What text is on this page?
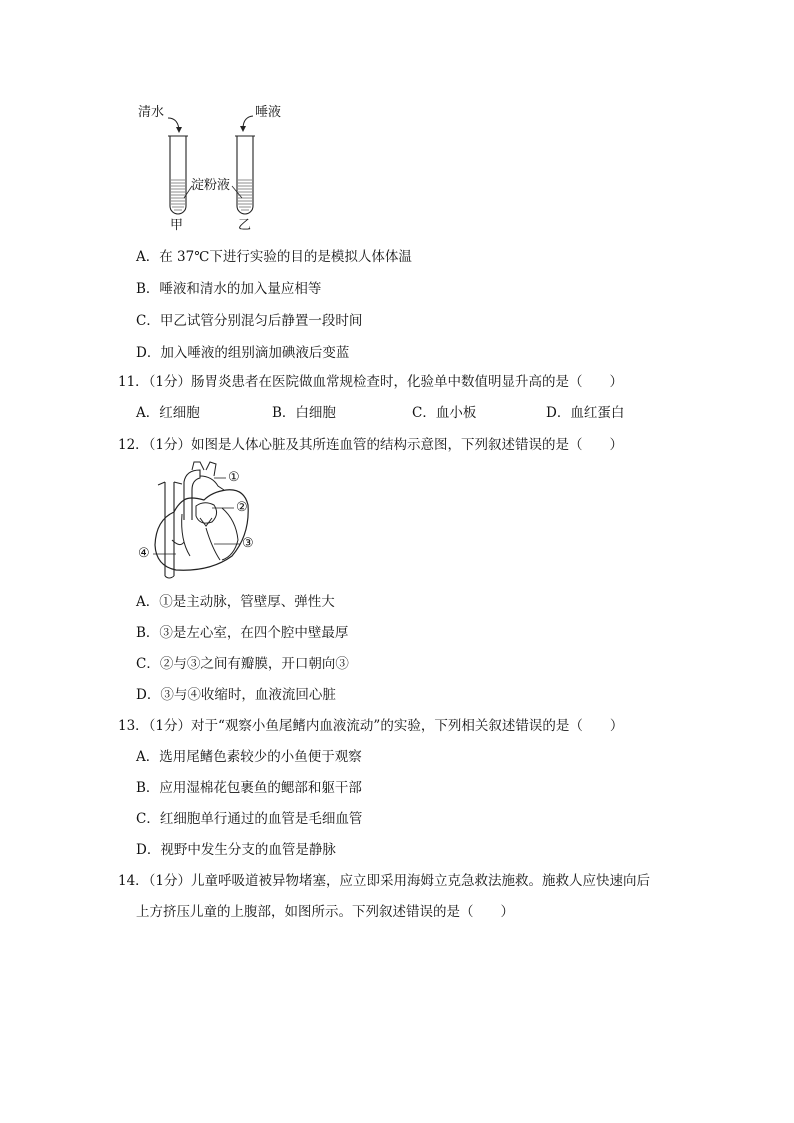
清水	唾液
淀粉液
甲	乙
A．在 37℃下进行实验的目的是模拟人体体温
B．唾液和清水的加入量应相等
C．甲乙试管分别混匀后静置一段时间
D．加入唾液的组别滴加碘液后变蓝
11．（1分）肠胃炎患者在医院做血常规检查时，化验单中数值明显升高的是（　　）
A．红细胞	B．白细胞	C．血小板	D．血红蛋白
12．（1分）如图是人体心脏及其所连血管的结构示意图，下列叙述错误的是（　　）
①
②
③
④
A．①是主动脉，管壁厚、弹性大
B．③是左心室，在四个腔中壁最厚
C．②与③之间有瓣膜，开口朝向③
D．③与④收缩时，血液流回心脏
13．（1分）对于“观察小鱼尾鳍内血液流动”的实验，下列相关叙述错误的是（　　）
A．选用尾鳍色素较少的小鱼便于观察
B．应用湿棉花包裹鱼的鳃部和躯干部
C．红细胞单行通过的血管是毛细血管
D．视野中发生分支的血管是静脉
14．（1分）儿童呼吸道被异物堵塞，应立即采用海姆立克急救法施救。施救人应快速向后
上方挤压儿童的上腹部，如图所示。下列叙述错误的是（　　）
